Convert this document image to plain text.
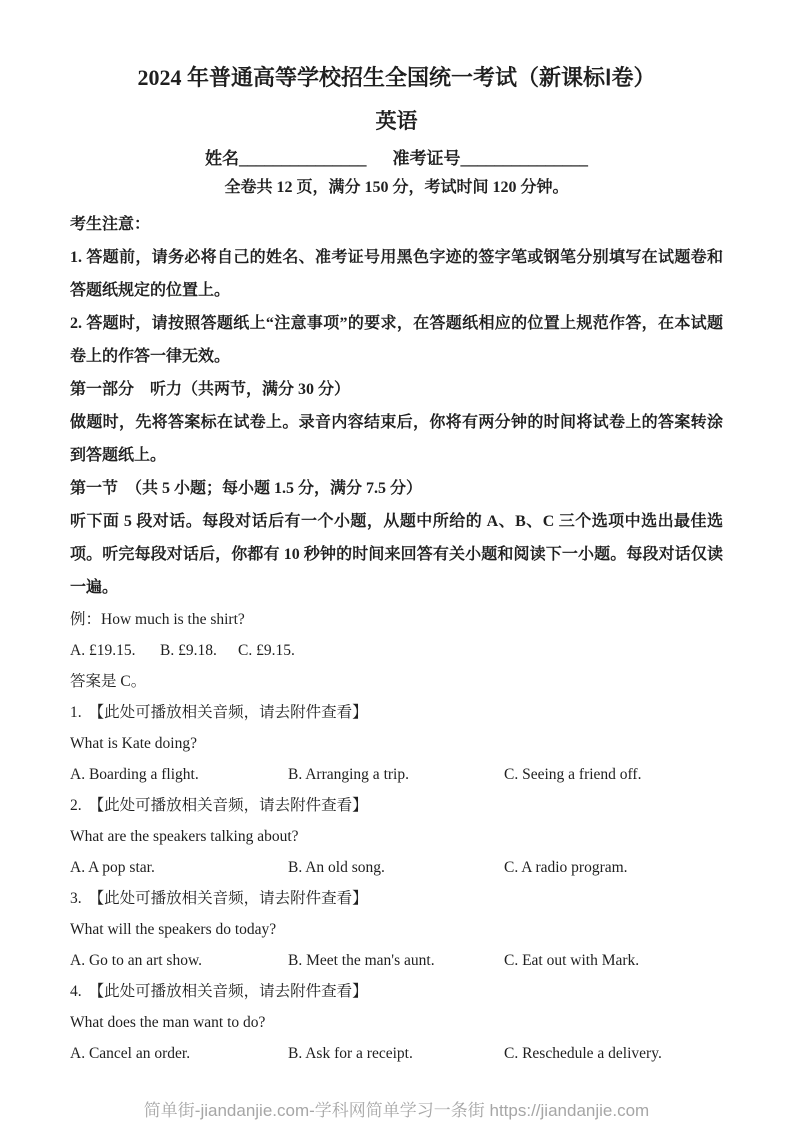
2024 年普通高等学校招生全国统一考试（新课标Ⅰ卷）
英语
姓名_______________ 准考证号_______________
全卷共 12 页，满分 150 分，考试时间 120 分钟。
考生注意：
1. 答题前，请务必将自己的姓名、准考证号用黑色字迹的签字笔或钢笔分别填写在试题卷和答题纸规定的位置上。
2. 答题时，请按照答题纸上“注意事项”的要求，在答题纸相应的位置上规范作答，在本试题卷上的作答一律无效。
第一部分　听力（共两节，满分 30 分）
做题时，先将答案标在试卷上。录音内容结束后，你将有两分钟的时间将试卷上的答案转涂到答题纸上。
第一节　（共 5 小题；每小题 1.5 分，满分 7.5 分）
听下面 5 段对话。每段对话后有一个小题，从题中所给的 A、B、C 三个选项中选出最佳选项。听完每段对话后，你都有 10 秒钟的时间来回答有关小题和阅读下一小题。每段对话仅读一遍。
例：How much is the shirt?
A. £19.15. B. £9.18. C. £9.15.
答案是 C。
1. 【此处可播放相关音频，请去附件查看】
What is Kate doing?
A. Boarding a flight.	B. Arranging a trip.	C. Seeing a friend off.
2. 【此处可播放相关音频，请去附件查看】
What are the speakers talking about?
A. A pop star.	B. An old song.	C. A radio program.
3. 【此处可播放相关音频，请去附件查看】
What will the speakers do today?
A. Go to an art show.	B. Meet the man's aunt.	C. Eat out with Mark.
4. 【此处可播放相关音频，请去附件查看】
What does the man want to do?
A. Cancel an order.	B. Ask for a receipt.	C. Reschedule a delivery.
简单街-jiandanjie.com-学科网简单学习一条街 https://jiandanjie.com
